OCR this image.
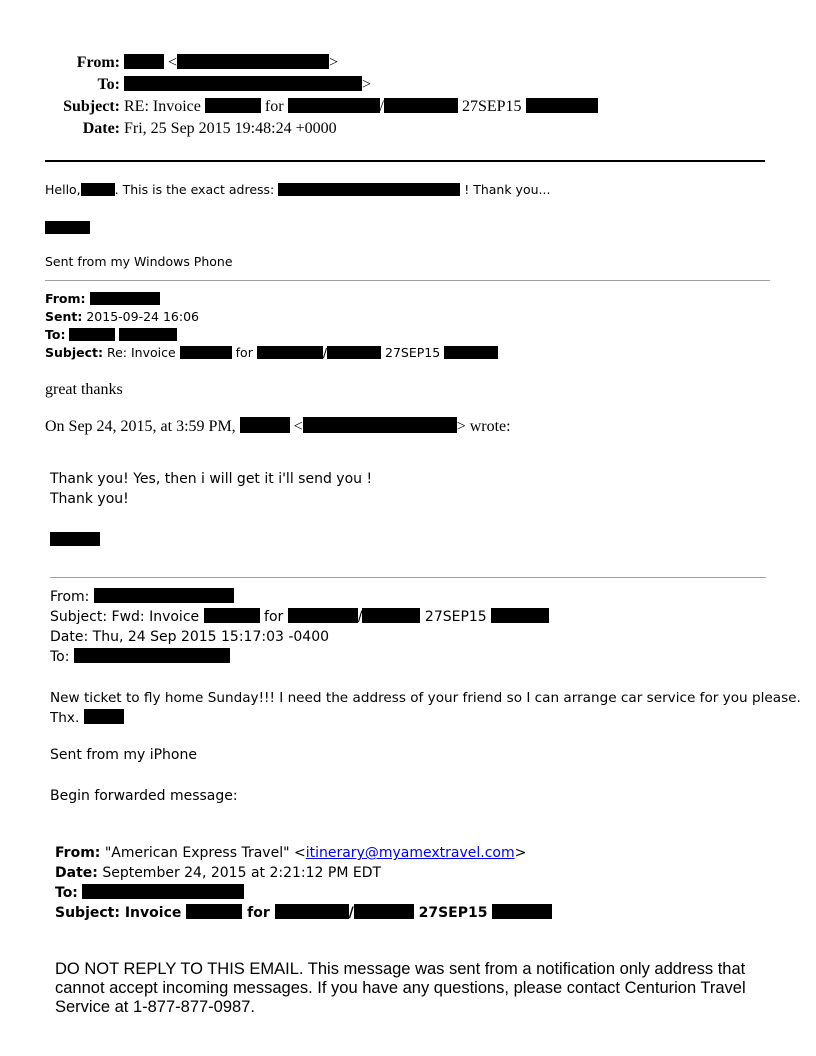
From:	<	>
To:	>
Subject: RE: Invoice	for	/	27SEP15
Date: Fri, 25 Sep 2015 19:48:24 +0000
Hello,	. This is the exact adress:	! Thank you...
Sent from my Windows Phone
From:
Sent: 2015-09-24 16:06
To:
Subject: Re: Invoice	for	/	27SEP15
great thanks
On Sep 24, 2015, at 3:59 PM,	<	> wrote:
Thank you! Yes, then i will get it i'll send you !
Thank you!
From:
Subject: Fwd: Invoice	for	/	27SEP15
Date: Thu, 24 Sep 2015 15:17:03 -0400
To:
New ticket to fly home Sunday!!! I need the address of your friend so I can arrange car service for you please.
Thx.
Sent from my iPhone
Begin forwarded message:
From: "American Express Travel" <itinerary@myamextravel.com>
Date: September 24, 2015 at 2:21:12 PM EDT
To:
Subject: Invoice	for	/	27SEP15
DO NOT REPLY TO THIS EMAIL. This message was sent from a notification only address that cannot accept incoming messages. If you have any questions, please contact Centurion Travel Service at 1-877-877-0987.
